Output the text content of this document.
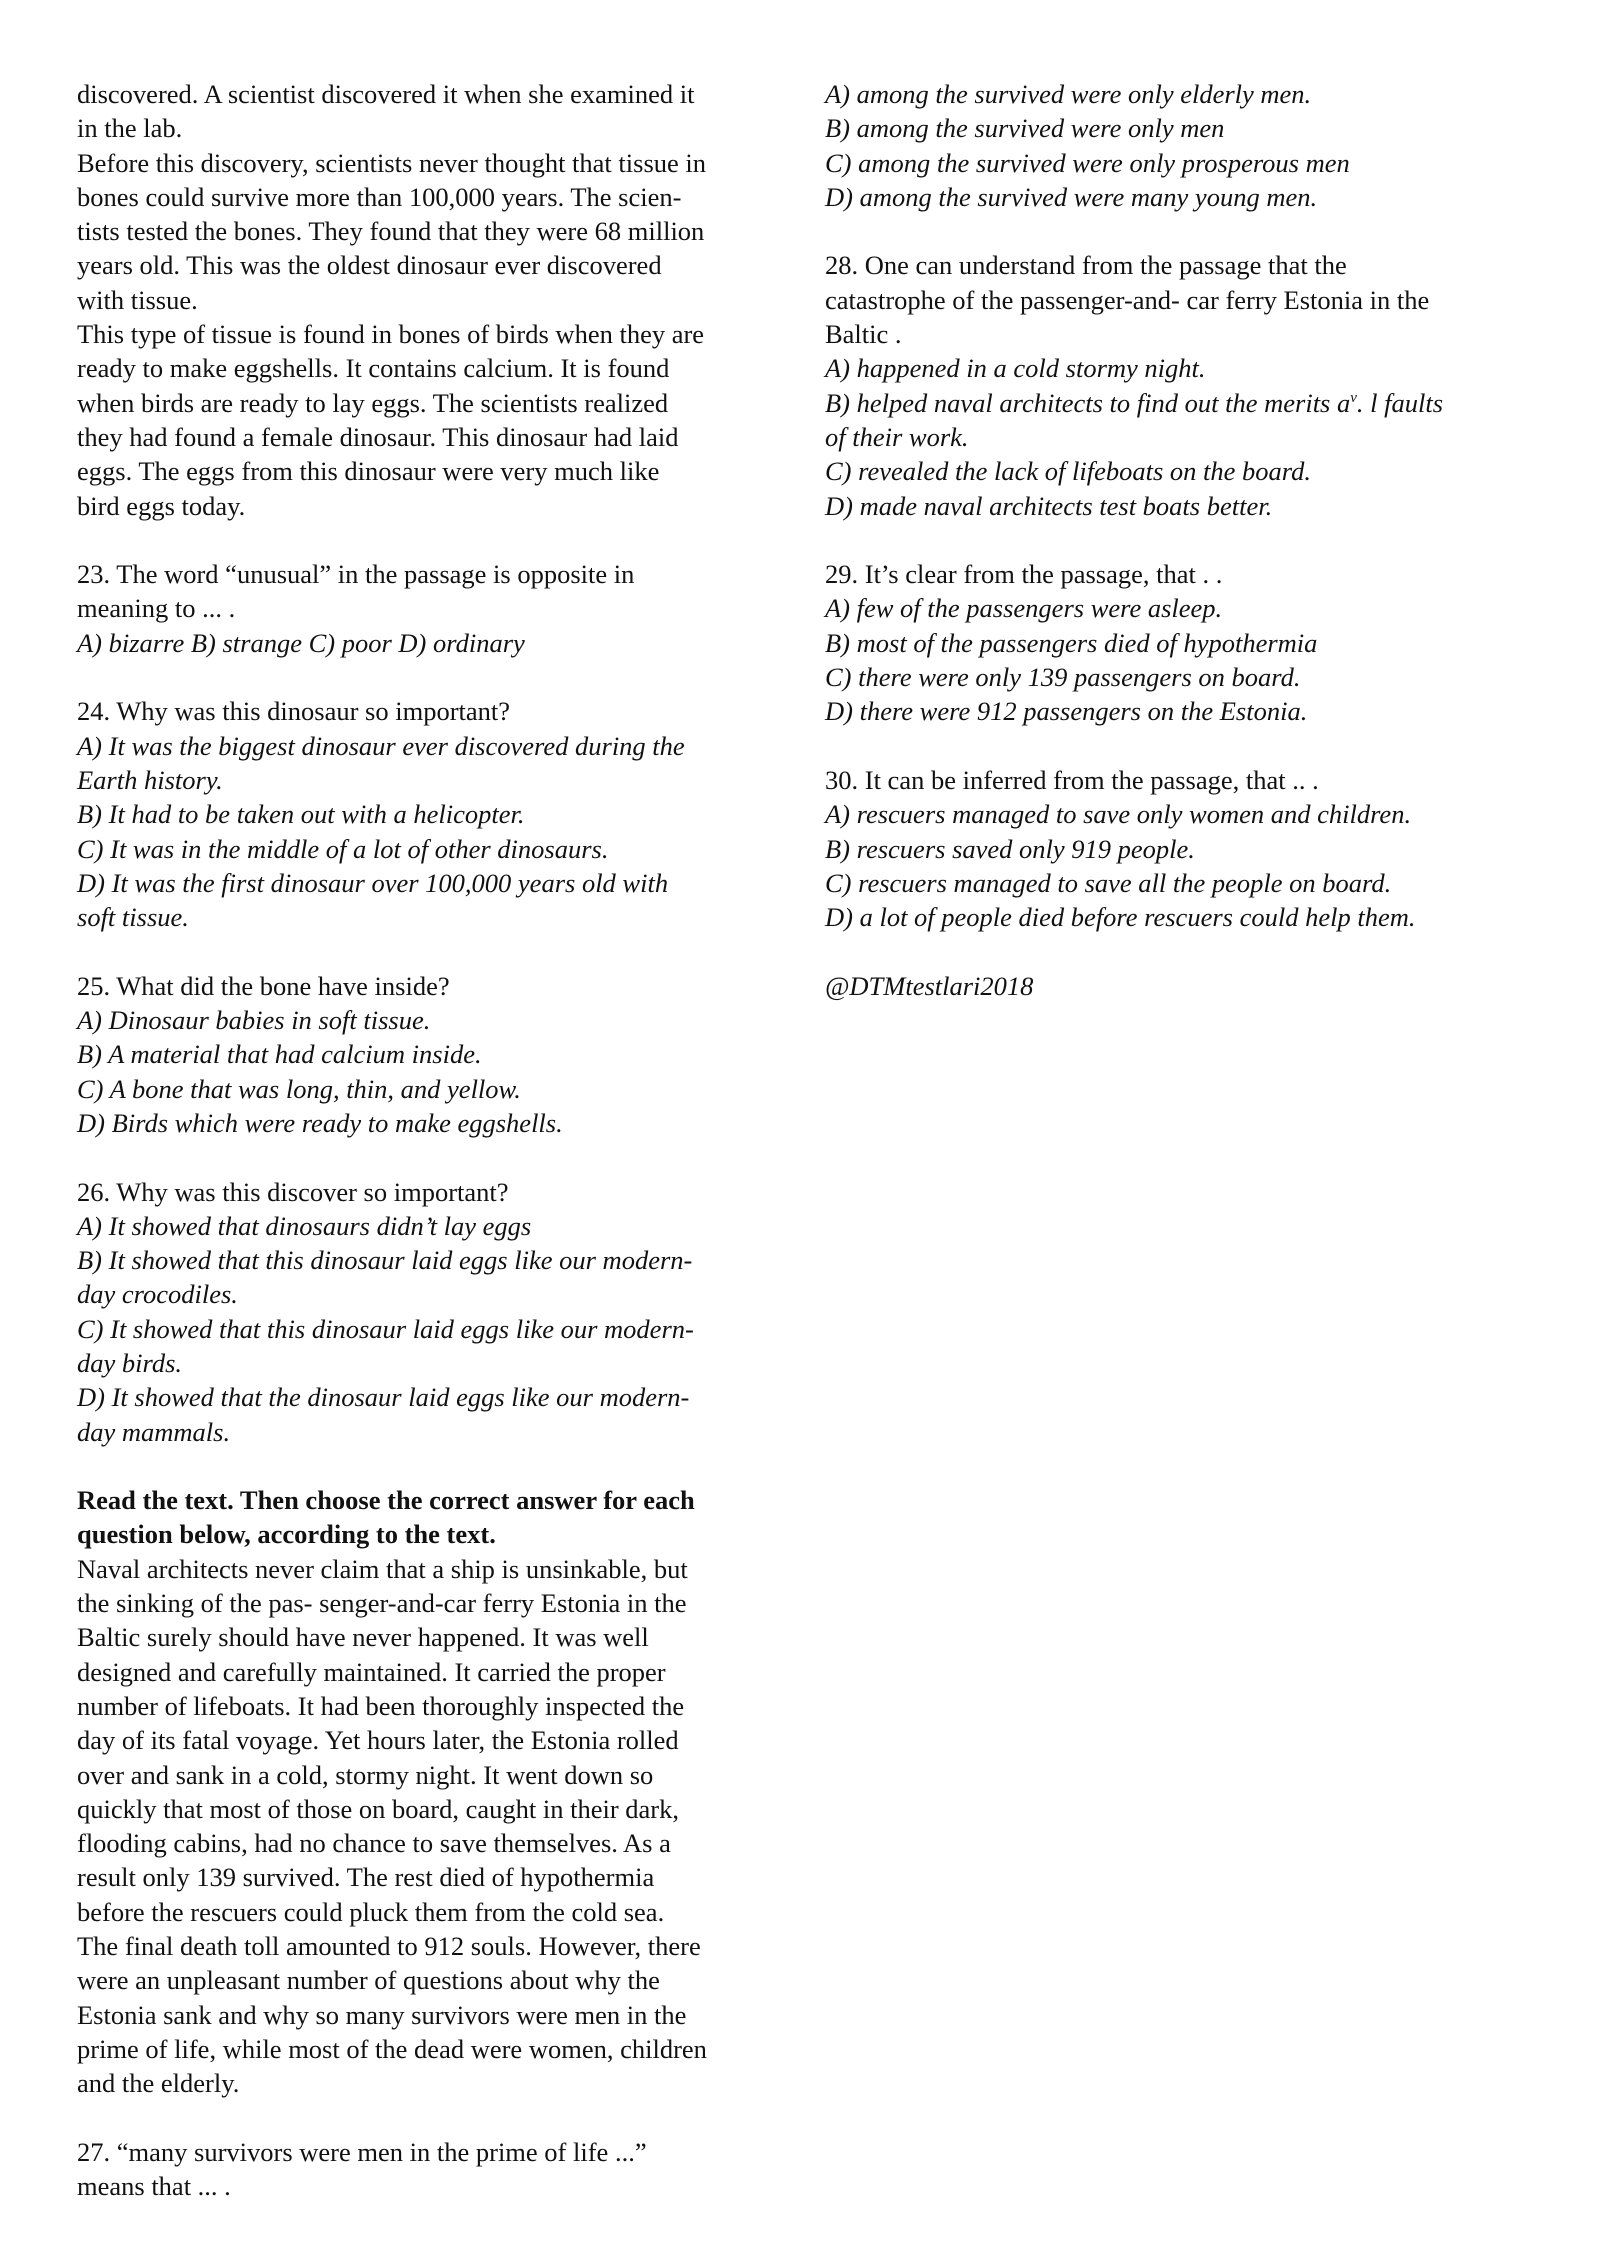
discovered. A scientist discovered it when she examined it
in the lab.
Before this discovery, scientists never thought that tissue in
bones could survive more than 100,000 years. The scien-
tists tested the bones. They found that they were 68 million
years old. This was the oldest dinosaur ever discovered
with tissue.
This type of tissue is found in bones of birds when they are
ready to make eggshells. It contains calcium. It is found
when birds are ready to lay eggs. The scientists realized
they had found a female dinosaur. This dinosaur had laid
eggs. The eggs from this dinosaur were very much like
bird eggs today.
23. The word “unusual” in the passage is opposite in
meaning to ... .
A) bizarre B) strange C) poor D) ordinary
24. Why was this dinosaur so important?
A) It was the biggest dinosaur ever discovered during the
Earth history.
B) It had to be taken out with a helicopter.
C) It was in the middle of a lot of other dinosaurs.
D) It was the first dinosaur over 100,000 years old with
soft tissue.
25. What did the bone have inside?
A) Dinosaur babies in soft tissue.
B) A material that had calcium inside.
C) A bone that was long, thin, and yellow.
D) Birds which were ready to make eggshells.
26. Why was this discover so important?
A) It showed that dinosaurs didn’t lay eggs
B) It showed that this dinosaur laid eggs like our modern-
day crocodiles.
C) It showed that this dinosaur laid eggs like our modern-
day birds.
D) It showed that the dinosaur laid eggs like our modern-
day mammals.
Read the text. Then choose the correct answer for each
question below, according to the text.
Naval architects never claim that a ship is unsinkable, but
the sinking of the pas- senger-and-car ferry Estonia in the
Baltic surely should have never happened. It was well
designed and carefully maintained. It carried the proper
number of lifeboats. It had been thoroughly inspected the
day of its fatal voyage. Yet hours later, the Estonia rolled
over and sank in a cold, stormy night. It went down so
quickly that most of those on board, caught in their dark,
flooding cabins, had no chance to save themselves. As a
result only 139 survived. The rest died of hypothermia
before the rescuers could pluck them from the cold sea.
The final death toll amounted to 912 souls. However, there
were an unpleasant number of questions about why the
Estonia sank and why so many survivors were men in the
prime of life, while most of the dead were women, children
and the elderly.
27. “many survivors were men in the prime of life ...”
means that ... .
A) among the survived were only elderly men.
B) among the survived were only men
C) among the survived were only prosperous men
D) among the survived were many young men.
28. One can understand from the passage that the
catastrophe of the passenger-and- car ferry Estonia in the
Baltic .
A) happened in a cold stormy night.
B) helped naval architects to find out the merits $a^v$. l faults
of their work.
C) revealed the lack of lifeboats on the board.
D) made naval architects test boats better.
29. It’s clear from the passage, that . .
A) few of the passengers were asleep.
B) most of the passengers died of hypothermia
C) there were only 139 passengers on board.
D) there were 912 passengers on the Estonia.
30. It can be inferred from the passage, that .. .
A) rescuers managed to save only women and children.
B) rescuers saved only 919 people.
C) rescuers managed to save all the people on board.
D) a lot of people died before rescuers could help them.
@DTMtestlari2018
